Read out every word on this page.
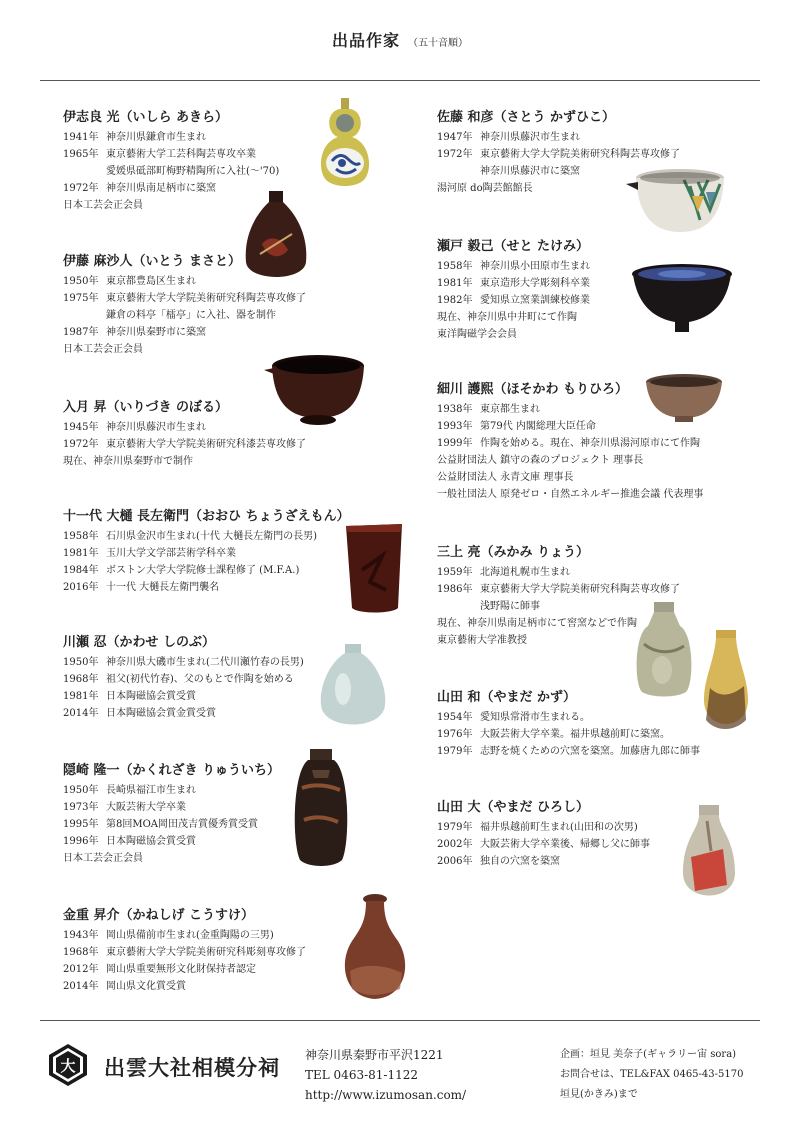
出品作家 （五十音順）
伊志良 光（いしら あきら）
1941年 神奈川県鎌倉市生まれ
1965年 東京藝術大学工芸科陶芸専攻卒業
愛媛県砥部町梅野精陶所に入社(〜'70)
1972年 神奈川県南足柄市に築窯
日本工芸会正会員
伊藤 麻沙人（いとう まさと）
1950年 東京都豊島区生まれ
1975年 東京藝術大学大学院美術研究科陶芸専攻修了
鎌倉の料亭「檑亭」に入社、器を制作
1987年 神奈川県秦野市に築窯
日本工芸会正会員
入月 昇（いりづき のぼる）
1945年 神奈川県藤沢市生まれ
1972年 東京藝術大学大学院美術研究科漆芸専攻修了
現在、神奈川県秦野市で制作
十一代 大樋 長左衛門（おおひ ちょうざえもん）
1958年 石川県金沢市生まれ(十代 大樋長左衛門の長男)
1981年 玉川大学文学部芸術学科卒業
1984年 ボストン大学大学院修士課程修了 (M.F.A.)
2016年 十一代 大樋長左衛門襲名
川瀬 忍（かわせ しのぶ）
1950年 神奈川県大磯市生まれ(二代川瀬竹春の長男)
1968年 祖父(初代竹春)、父のもとで作陶を始める
1981年 日本陶磁協会賞受賞
2014年 日本陶磁協会賞金賞受賞
隠崎 隆一（かくれざき りゅういち）
1950年 長崎県福江市生まれ
1973年 大阪芸術大学卒業
1995年 第8回MOA岡田茂吉賞優秀賞受賞
1996年 日本陶磁協会賞受賞
日本工芸会正会員
金重 昇介（かねしげ こうすけ）
1943年 岡山県備前市生まれ(金重陶陽の三男)
1968年 東京藝術大学大学院美術研究科彫刻専攻修了
2012年 岡山県重要無形文化財保持者認定
2014年 岡山県文化賞受賞
佐藤 和彦（さとう かずひこ）
1947年 神奈川県藤沢市生まれ
1972年 東京藝術大学大学院美術研究科陶芸専攻修了
神奈川県藤沢市に築窯
湯河原 do陶芸館館長
瀬戸 毅己（せと たけみ）
1958年 神奈川県小田原市生まれ
1981年 東京造形大学彫刻科卒業
1982年 愛知県立窯業訓練校修業
現在、神奈川県中井町にて作陶
東洋陶磁学会会員
細川 護熙（ほそかわ もりひろ）
1938年 東京都生まれ
1993年 第79代 内閣総理大臣任命
1999年 作陶を始める。現在、神奈川県湯河原市にて作陶
公益財団法人 鎮守の森のプロジェクト 理事長
公益財団法人 永青文庫 理事長
一般社団法人 原発ゼロ・自然エネルギー推進会議 代表理事
三上 亮（みかみ りょう）
1959年 北海道札幌市生まれ
1986年 東京藝術大学大学院美術研究科陶芸専攻修了
浅野陽に師事
現在、神奈川県南足柄市にて窖窯などで作陶
東京藝術大学准教授
山田 和（やまだ かず）
1954年 愛知県常滑市生まれる。
1976年 大阪芸術大学卒業。福井県越前町に築窯。
1979年 志野を焼くための穴窯を築窯。加藤唐九郎に師事
山田 大（やまだ ひろし）
1979年 福井県越前町生まれ(山田和の次男)
2002年 大阪芸術大学卒業後、帰郷し父に師事
2006年 独自の穴窯を築窯
大 出雲大社相模分祠 神奈川県秦野市平沢1221
TEL 0463-81-1122
http://www.izumosan.com/
企画：垣見 美奈子(ギャラリー宙 sora)
お問合せは、TEL&FAX 0465-43-5170
垣見(かきみ)まで
